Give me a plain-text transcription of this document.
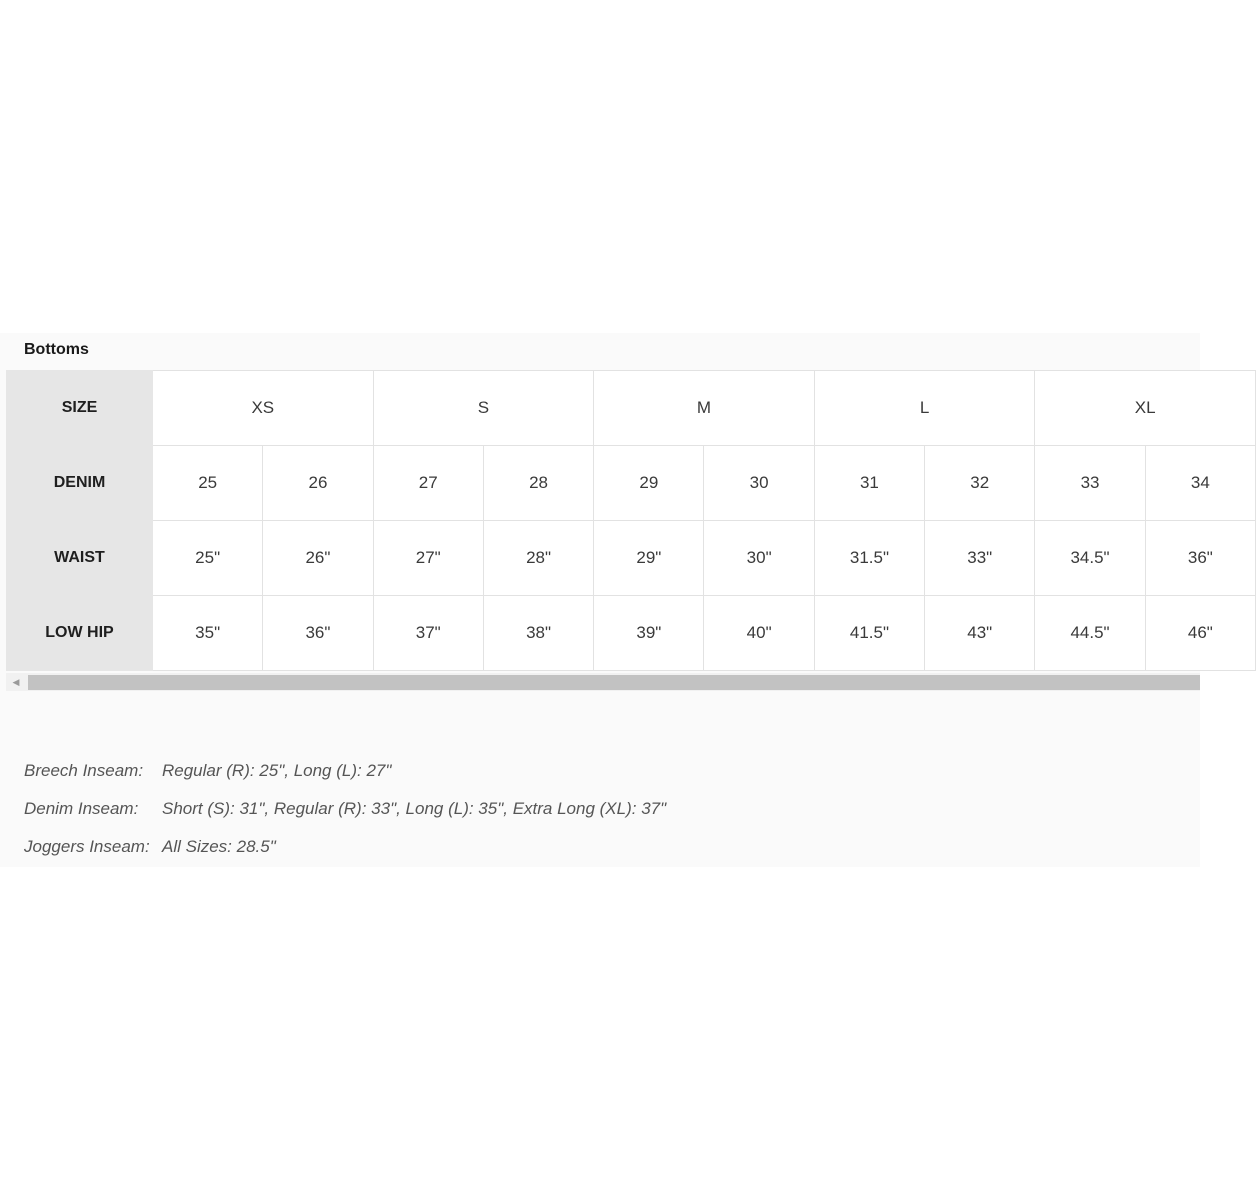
Bottoms
SIZE	XS		S		M		L		XL	
DENIM	25	26	27	28	29	30	31	32	33	34
WAIST	25"	26"	27"	28"	29"	30"	31.5"	33"	34.5"	36"
LOW HIP	35"	36"	37"	38"	39"	40"	41.5"	43"	44.5"	46"
◀
Breech Inseam:	Regular (R): 25", Long (L): 27"
Denim Inseam:	Short (S): 31", Regular (R): 33", Long (L): 35", Extra Long (XL): 37"
Joggers Inseam: All Sizes: 28.5"
